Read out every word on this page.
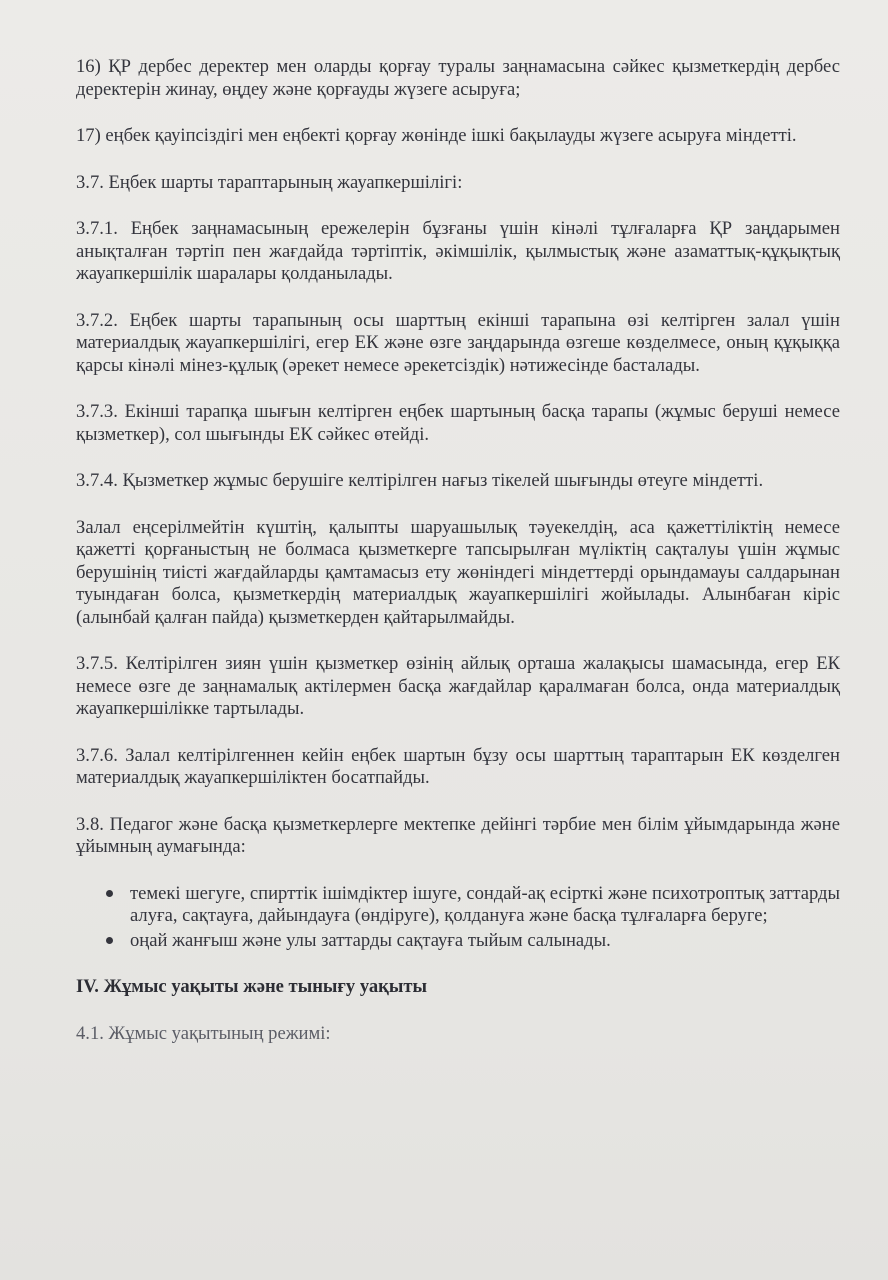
16) ҚР дербес деректер мен оларды қорғау туралы заңнамасына сәйкес қызметкердің дербес деректерін жинау, өңдеу және қорғауды жүзеге асыруға;

17) еңбек қауіпсіздігі мен еңбекті қорғау жөнінде ішкі бақылауды жүзеге асыруға міндетті.

3.7. Еңбек шарты тараптарының жауапкершілігі:

3.7.1. Еңбек заңнамасының ережелерін бұзғаны үшін кінәлі тұлғаларға ҚР заңдарымен анықталған тәртіп пен жағдайда тәртіптік, әкімшілік, қылмыстық және азаматтық-құқықтық жауапкершілік шаралары қолданылады.

3.7.2. Еңбек шарты тарапының осы шарттың екінші тарапына өзі келтірген залал үшін материалдық жауапкершілігі, егер ЕК және өзге заңдарында өзгеше көзделмесе, оның құқыққа қарсы кінәлі мінез-құлық (әрекет немесе әрекетсіздік) нәтижесінде басталады.

3.7.3. Екінші тарапқа шығын келтірген еңбек шартының басқа тарапы (жұмыс беруші немесе қызметкер), сол шығынды ЕК сәйкес өтейді.

3.7.4. Қызметкер жұмыс берушіге келтірілген нағыз тікелей шығынды өтеуге міндетті.

Залал еңсерілмейтін күштің, қалыпты шаруашылық тәуекелдің, аса қажеттіліктің немесе қажетті қорғаныстың не болмаса қызметкерге тапсырылған мүліктің сақталуы үшін жұмыс берушінің тиісті жағдайларды қамтамасыз ету жөніндегі міндеттерді орындамауы салдарынан туындаған болса, қызметкердің материалдық жауапкершілігі жойылады. Алынбаған кіріс (алынбай қалған пайда) қызметкерден қайтарылмайды.

3.7.5. Келтірілген зиян үшін қызметкер өзінің айлық орташа жалақысы шамасында, егер ЕК немесе өзге де заңнамалық актілермен басқа жағдайлар қаралмаған болса, онда материалдық жауапкершілікке тартылады.

3.7.6. Залал келтірілгеннен кейін еңбек шартын бұзу осы шарттың тараптарын ЕК көзделген материалдық жауапкершіліктен босатпайды.

3.8. Педагог және басқа қызметкерлерге мектепке дейінгі тәрбие мен білім ұйымдарында және ұйымның аумағында:

темекі шегуге, спирттік ішімдіктер ішуге, сондай-ақ есірткі және психотроптық заттарды алуға, сақтауға, дайындауға (өндіруге), қолдануға және басқа тұлғаларға беруге;
оңай жанғыш және улы заттарды сақтауға тыйым салынады.

IV. Жұмыс уақыты және тынығу уақыты

4.1. Жұмыс уақытының режимі:
